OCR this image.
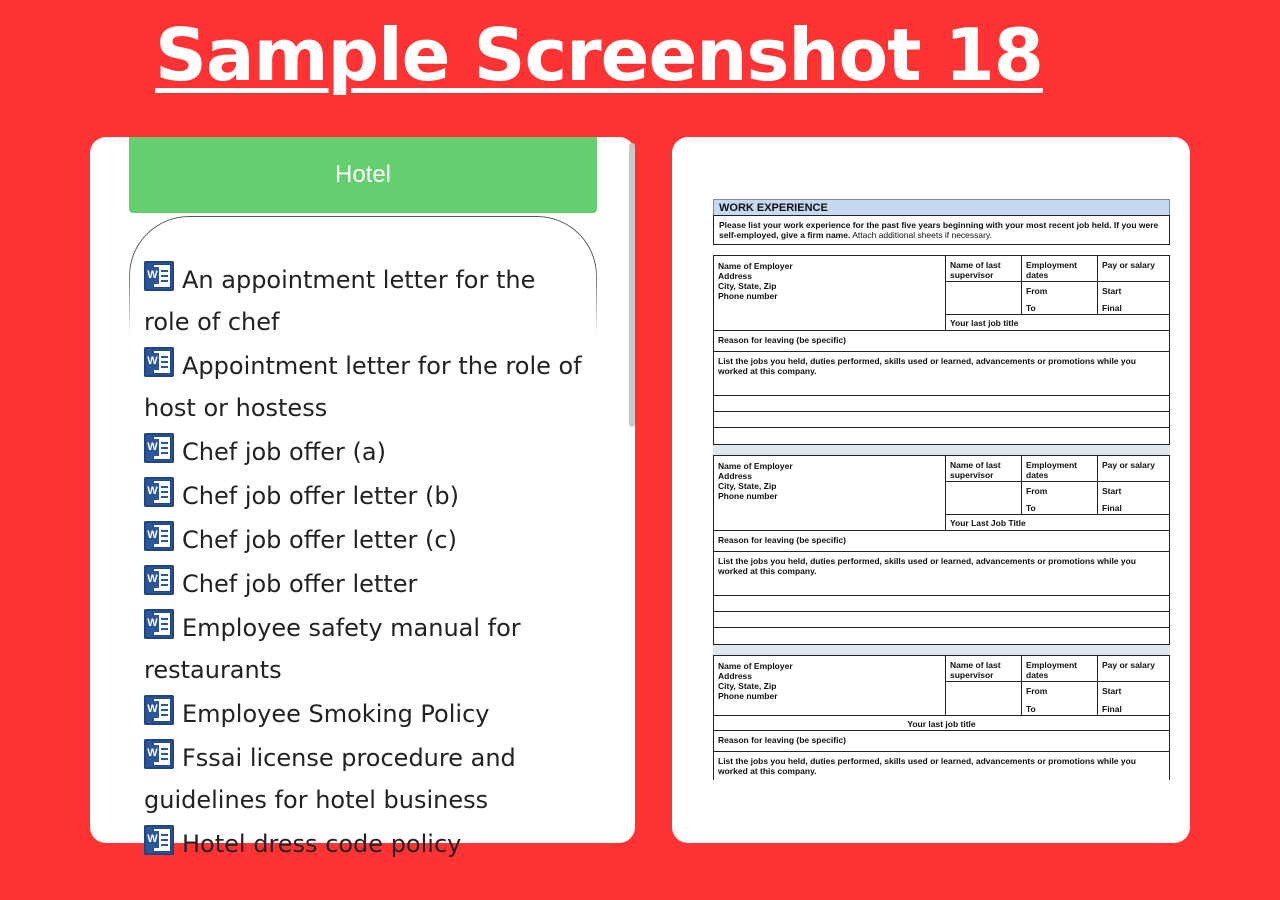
Sample Screenshot 18
Hotel
W An appointment letter for the role of chef
W Appointment letter for the role of host or hostess
W Chef job offer (a)
W Chef job offer letter (b)
W Chef job offer letter (c)
W Chef job offer letter
W Employee safety manual for restaurants
W Employee Smoking Policy
W Fssai license procedure and guidelines for hotel business
W Hotel dress code policy
WORK EXPERIENCE
Please list your work experience for the past five years beginning with your most recent job held. If you were self-employed, give a firm name. Attach additional sheets if necessary.
Name of Employer
Address
City, State, Zip
Phone number
Name of last supervisor
Employment dates
From
To
Pay or salary
Start
Final
Your last job title
Reason for leaving (be specific)
List the jobs you held, duties performed, skills used or learned, advancements or promotions while you worked at this company.
Name of Employer
Address
City, State, Zip
Phone number
Name of last supervisor
Employment dates
From
To
Pay or salary
Start
Final
Your Last Job Title
Reason for leaving (be specific)
List the jobs you held, duties performed, skills used or learned, advancements or promotions while you worked at this company.
Name of Employer
Address
City, State, Zip
Phone number
Name of last supervisor
Employment dates
From
To
Pay or salary
Start
Final
Your last job title
Reason for leaving (be specific)
List the jobs you held, duties performed, skills used or learned, advancements or promotions while you worked at this company.
